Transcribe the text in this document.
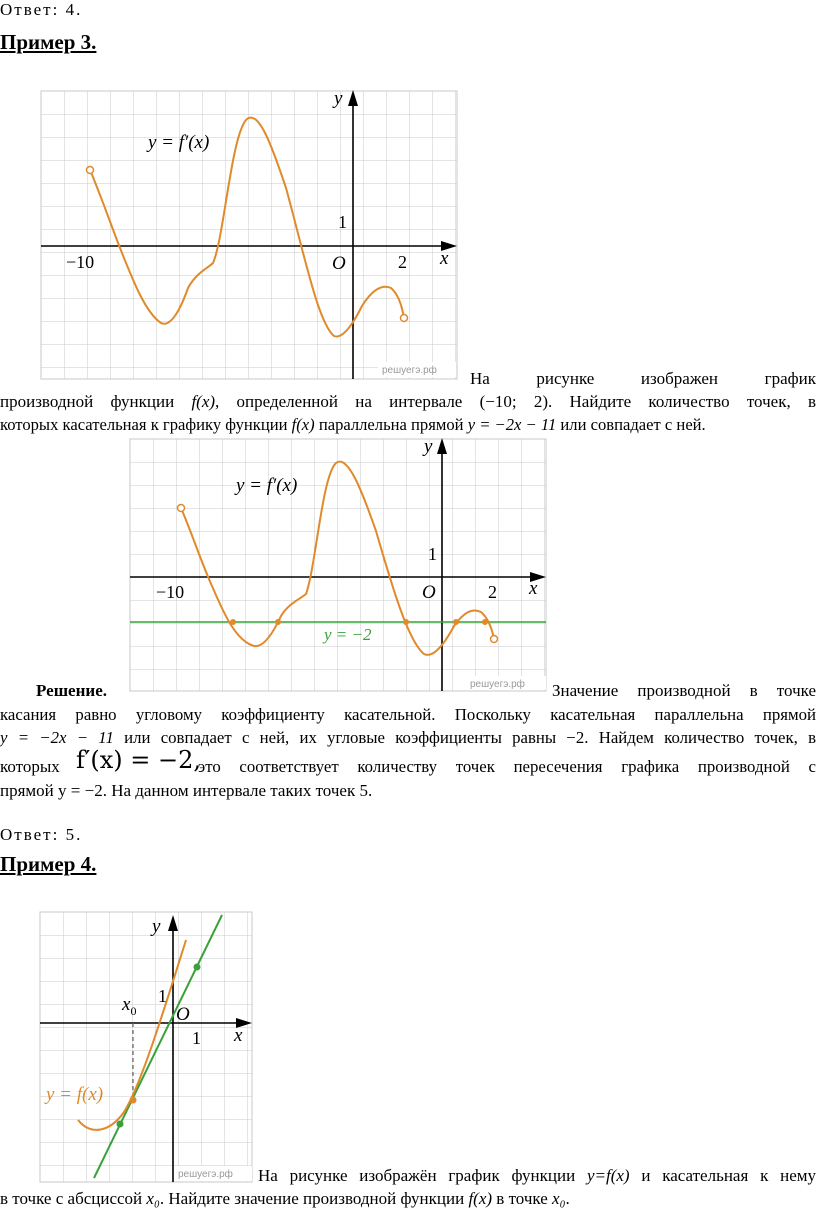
Ответ: 4.
Пример 3.
y = f′(x)
y
x
−10	2
1
O
решуегэ.рф На	рисунке	изображен	график
производной функции f(x), определенной на интервале (−10; 2). Найдите количество точек, в
которых касательная к графику функции f(x) параллельна прямой y = −2x − 11 или совпадает с ней.
y = f′(x)
y = −2
y
x
−10	2
1
O
решуегэ.рф
Решение.	Значение производной в точке
касания равно угловому коэффициенту касательной. Поскольку касательная параллельна прямой
y = −2x − 11 или совпадает с ней, их угловые коэффициенты равны −2. Найдем количество точек, в
которых f′(x) = −2,
это соответствует количеству точек пересечения графика производной с
прямой y = −2. На данном интервале таких точек 5.
Ответ: 5.
Пример 4.
y
x
1
1
O
$x_0$
y = f(x)
решуегэ.рф На рисунке изображён график функции y=f(x) и касательная к нему
в точке с абсциссой x₀. Найдите значение производной функции f(x) в точке x₀.
